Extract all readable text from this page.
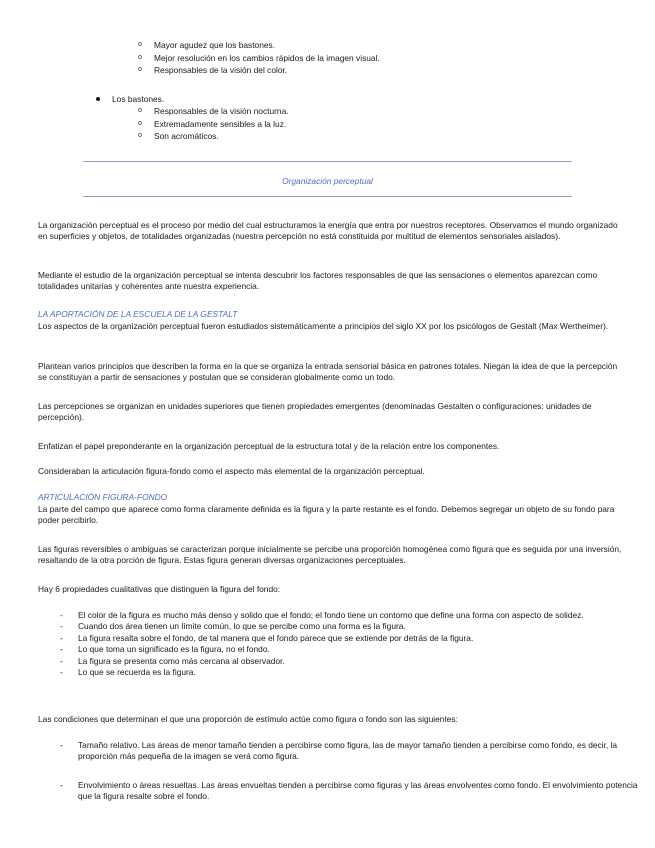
o Mayor agudez que los bastones.
o Mejor resolución en los cambios rápidos de la imagen visual.
o Responsables de la visión del color.
Los bastones.
o Responsables de la visión nocturna.
o Extremadamente sensibles a la luz.
o Son acromáticos.
Organización perceptual
La organización perceptual es el proceso por medio del cual estructuramos la energía que entra por nuestros receptores. Observamos el mundo organizado en superficies y objetos, de totalidades organizadas (nuestra percepción no está constituida por multitud de elementos sensoriales aislados).
Mediante el estudio de la organización perceptual se intenta descubrir los factores responsables de que las sensaciones o elementos aparezcan como totalidades unitarias y coherentes ante nuestra experiencia.
LA APORTACIÓN DE LA ESCUELA DE LA GESTALT
Los aspectos de la organización perceptual fueron estudiados sistemáticamente a principios del siglo XX por los psicólogos de Gestalt (Max Wertheimer).
Plantean varios principios que describen la forma en la que se organiza la entrada sensorial básica en patrones totales. Niegan la idea de que la percepción se constituyan a partir de sensaciones y postulan que se consideran globalmente como un todo.
Las percepciones se organizan en unidades superiores que tienen propiedades emergentes (denominadas Gestalten o configuraciones: unidades de percepción).
Enfatizan el papel preponderante en la organización perceptual de la estructura total y de la relación entre los componentes.
Consideraban la articulación figura-fondo como el aspecto más elemental de la organización perceptual.
ARTICULACIÓN FIGURA-FONDO
La parte del campo que aparece como forma claramente definida es la figura y la parte restante es el fondo. Debemos segregar un objeto de su fondo para poder percibirlo.
Las figuras reversibles o ambiguas se caracterizan porque inicialmente se percibe una proporción homogénea como figura que es seguida por una inversión, resaltando de la otra porción de figura. Estas figura generan diversas organizaciones perceptuales.
Hay 6 propiedades cualitativas que distinguen la figura del fondo:
- El color de la figura es mucho más denso y solido que el fondo; el fondo tiene un contorno que define una forma con aspecto de solidez.
- Cuando dos área tienen un límite común, lo que se percibe como una forma es la figura.
- La figura resalta sobre el fondo, de tal manera que el fondo parece que se extiende por detrás de la figura.
- Lo que toma un significado es la figura, no el fondo.
- La figura se presenta como más cercana al observador.
- Lo que se recuerda es la figura.
Las condiciones que determinan el que una proporción de estímulo actúe como figura o fondo son las siguientes:
- Tamaño relativo. Las áreas de menor tamaño tienden a percibirse como figura, las de mayor tamaño tienden a percibirse como fondo, es decir, la proporción más pequeña de la imagen se verá como figura.
- Envolvimiento o áreas resueltas. Las áreas envueltas tienden a percibirse como figuras y las áreas envolventes como fondo. El envolvimiento potencia que la figura resalte sobre el fondo.
